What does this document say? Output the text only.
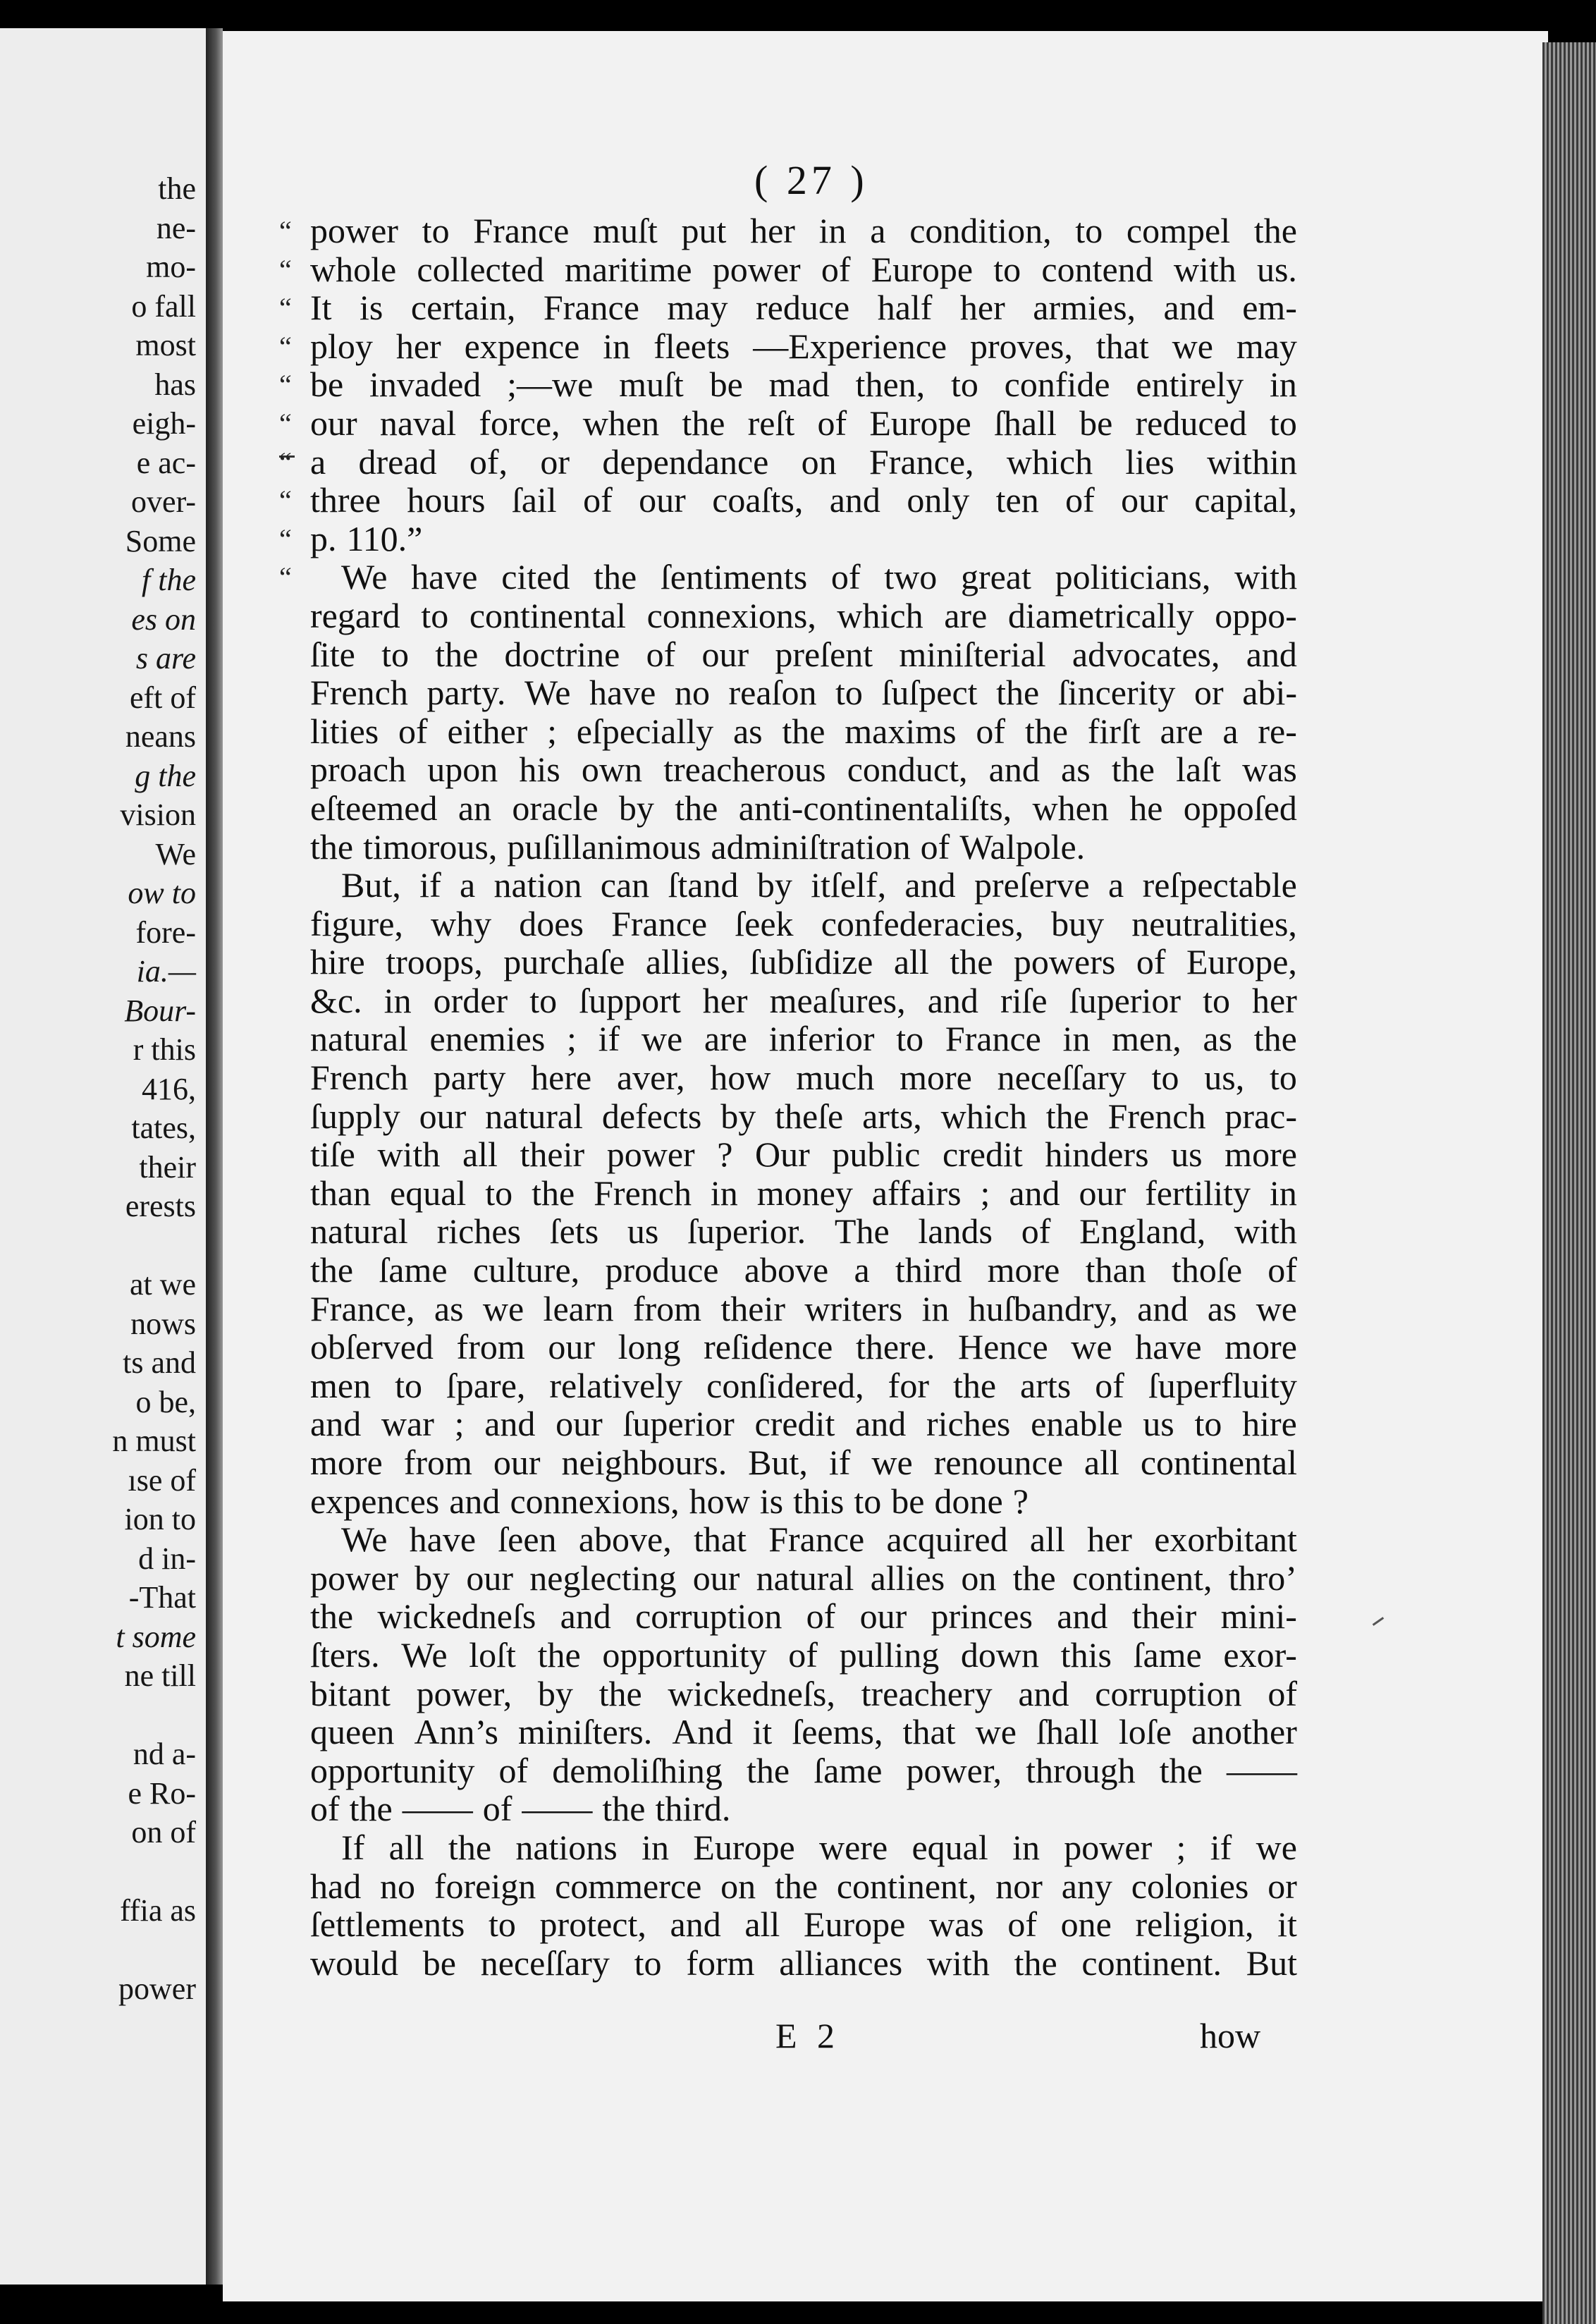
the
ne-
mo-
o fall
most
has
eigh-
e ac-
over-
Some
f the
es on
s are
eft of
neans
g the
vision
We
ow to
fore-
ia.—
Bour-
r this
416,
tates,
their
erests
at we
nows
ts and
o be,
n must
ıse of
ion to
d in-
-That
t some
ne till
nd a-
e Ro-
on of
ffia as
power
( 27 )
power to France muſt put her in a condition, to compel the
whole collected maritime power of Europe to contend with us.
It is certain, France may reduce half her armies, and em-
ploy her expence in fleets —Experience proves, that we may
be invaded ;—we muſt be mad then, to confide entirely in
our naval force, when the reſt of Europe ſhall be reduced to
a dread of, or dependance on France, which lies within
three hours ſail of our coaſts, and only ten of our capital,
p. 110.”
We have cited the ſentiments of two great politicians, with
regard to continental connexions, which are diametrically oppo-
ſite to the doctrine of our preſent miniſterial advocates, and
French party. We have no reaſon to ſuſpect the ſincerity or abi-
lities of either ; eſpecially as the maxims of the firſt are a re-
proach upon his own treacherous conduct, and as the laſt was
eſteemed an oracle by the anti-continentaliſts, when he oppoſed
the timorous, puſillanimous adminiſtration of Walpole.
But, if a nation can ſtand by itſelf, and preſerve a reſpectable
figure, why does France ſeek confederacies, buy neutralities,
hire troops, purchaſe allies, ſubſidize all the powers of Europe,
&c. in order to ſupport her meaſures, and riſe ſuperior to her
natural enemies ; if we are inferior to France in men, as the
French party here aver, how much more neceſſary to us, to
ſupply our natural defects by theſe arts, which the French prac-
tiſe with all their power ? Our public credit hinders us more
than equal to the French in money affairs ; and our fertility in
natural riches ſets us ſuperior. The lands of England, with
the ſame culture, produce above a third more than thoſe of
France, as we learn from their writers in huſbandry, and as we
obſerved from our long reſidence there. Hence we have more
men to ſpare, relatively conſidered, for the arts of ſuperfluity
and war ; and our ſuperior credit and riches enable us to hire
more from our neighbours. But, if we renounce all continental
expences and connexions, how is this to be done ?
We have ſeen above, that France acquired all her exorbitant
power by our neglecting our natural allies on the continent, thro’
the wickedneſs and corruption of our princes and their mini-
ſters. We loſt the opportunity of pulling down this ſame exor-
bitant power, by the wickedneſs, treachery and corruption of
queen Ann’s miniſters. And it ſeems, that we ſhall loſe another
opportunity of demoliſhing the ſame power, through the ——
of the —— of —— the third.
If all the nations in Europe were equal in power ; if we
had no foreign commerce on the continent, nor any colonies or
ſettlements to protect, and all Europe was of one religion, it
would be neceſſary to form alliances with the continent. But
E 2	how
“
“
“
“
“
“
“
“
“
“
